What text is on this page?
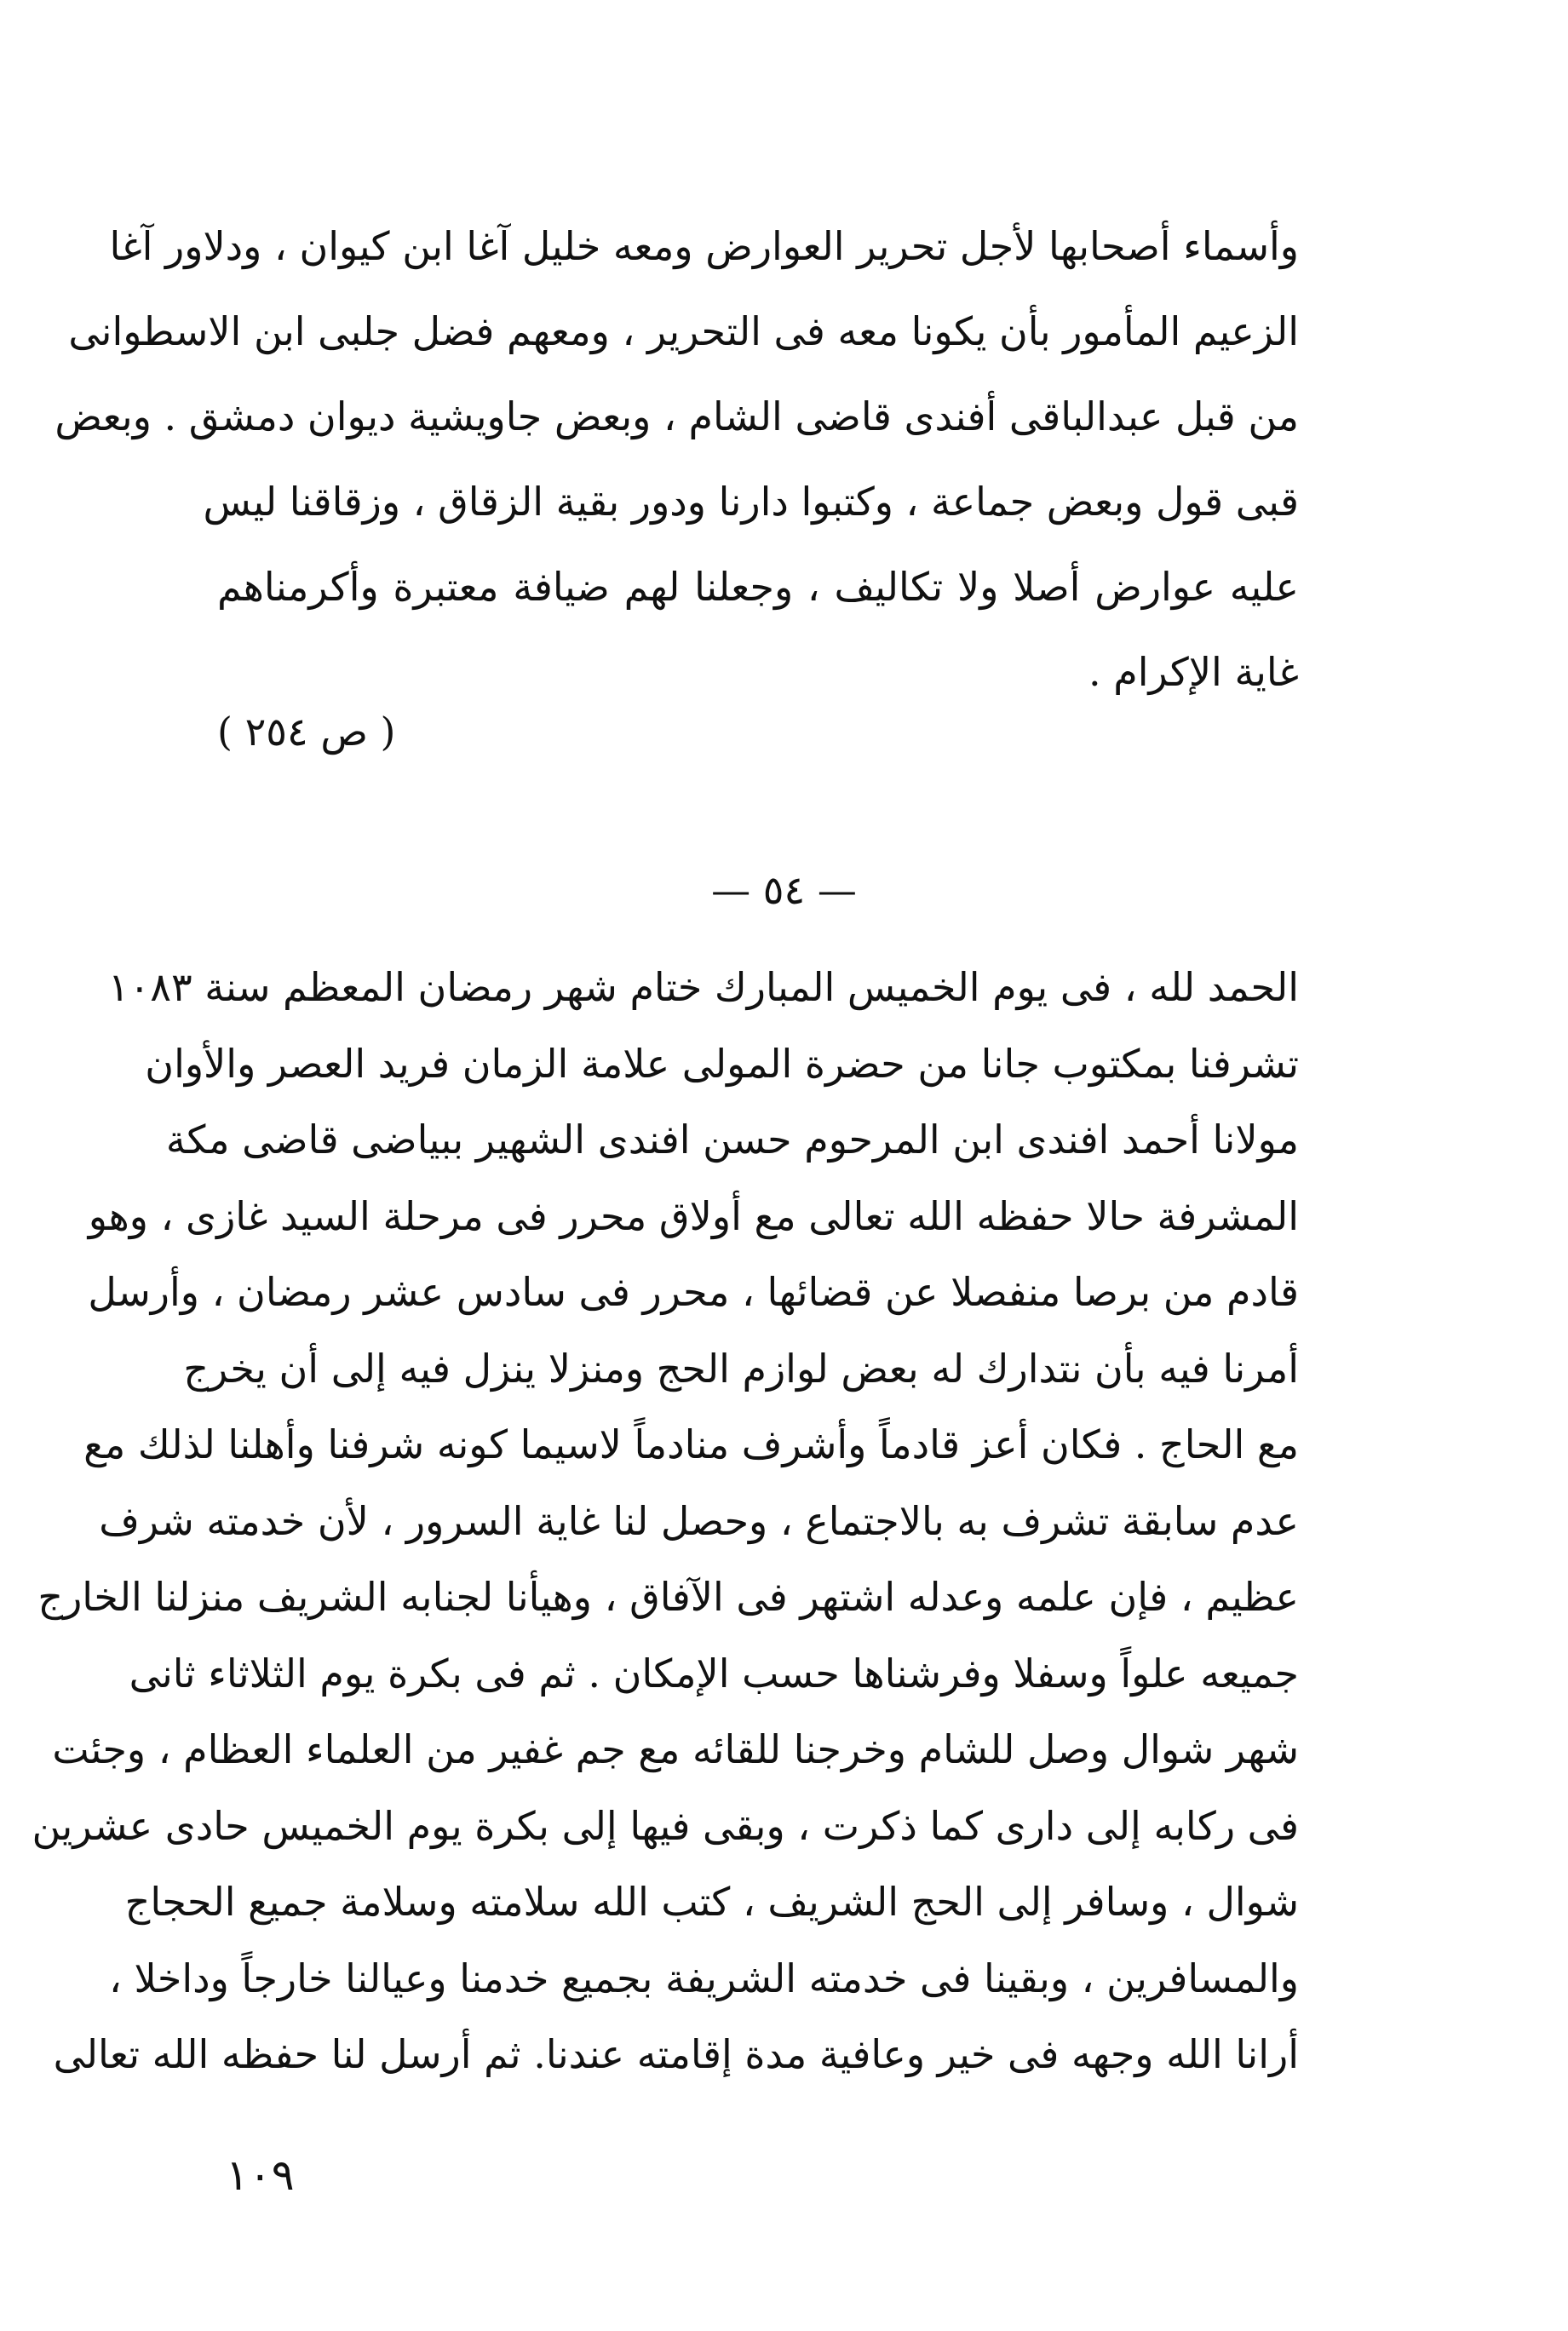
وأسماء أصحابها لأجل تحرير العوارض ومعه خليل آغا ابن كيوان ، ودلاور آغا
الزعيم المأمور بأن يكونا معه فى التحرير ، ومعهم فضل جلبى ابن الاسطوانى
من قبل عبدالباقى أفندى قاضى الشام ، وبعض جاويشية ديوان دمشق . وبعض
قبى قول وبعض جماعة ، وكتبوا دارنا ودور بقية الزقاق ، وزقاقنا ليس
عليه عوارض أصلا ولا تكاليف ، وجعلنا لهم ضيافة معتبرة وأكرمناهم
غاية الإكرام .
( ص ٢٥٤ )
— ٥٤ —
الحمد لله ، فى يوم الخميس المبارك ختام شهر رمضان المعظم سنة ١٠٨٣
تشرفنا بمكتوب جانا من حضرة المولى علامة الزمان فريد العصر والأوان
مولانا أحمد افندى ابن المرحوم حسن افندى الشهير ببياضى قاضى مكة
المشرفة حالا حفظه الله تعالى مع أولاق محرر فى مرحلة السيد غازى ، وهو
قادم من برصا منفصلا عن قضائها ، محرر فى سادس عشر رمضان ، وأرسل
أمرنا فيه بأن نتدارك له بعض لوازم الحج ومنزلا ينزل فيه إلى أن يخرج
مع الحاج . فكان أعز قادماً وأشرف منادماً لاسيما كونه شرفنا وأهلنا لذلك مع
عدم سابقة تشرف به بالاجتماع ، وحصل لنا غاية السرور ، لأن خدمته شرف
عظيم ، فإن علمه وعدله اشتهر فى الآفاق ، وهيأنا لجنابه الشريف منزلنا الخارج
جميعه علواً وسفلا وفرشناها حسب الإمكان . ثم فى بكرة يوم الثلاثاء ثانى
شهر شوال وصل للشام وخرجنا للقائه مع جم غفير من العلماء العظام ، وجئت
فى ركابه إلى دارى كما ذكرت ، وبقى فيها إلى بكرة يوم الخميس حادى عشرين
شوال ، وسافر إلى الحج الشريف ، كتب الله سلامته وسلامة جميع الحجاج
والمسافرين ، وبقينا فى خدمته الشريفة بجميع خدمنا وعيالنا خارجاً وداخلا ،
أرانا الله وجهه فى خير وعافية مدة إقامته عندنا. ثم أرسل لنا حفظه الله تعالى
١٠٩
